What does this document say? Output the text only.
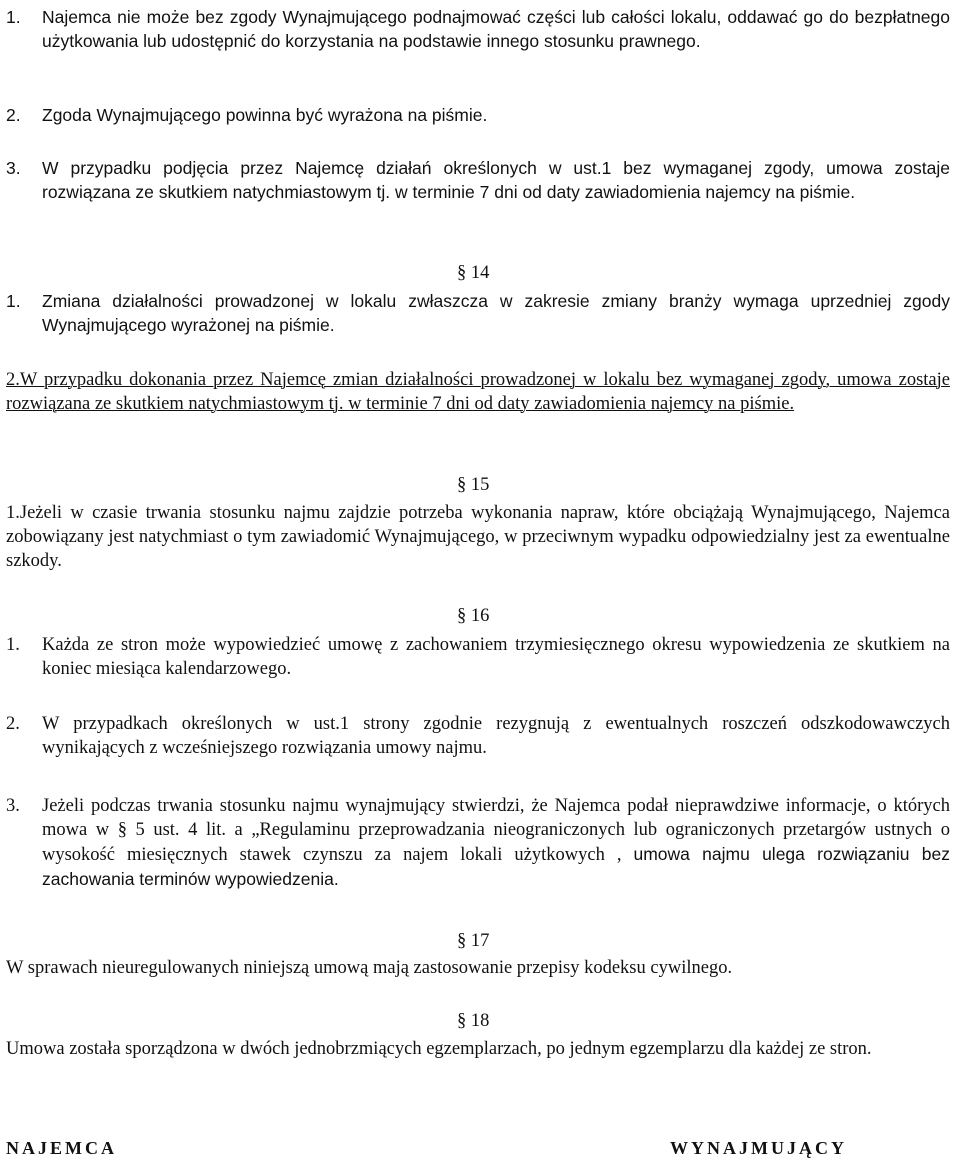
1. Najemca nie może bez zgody Wynajmującego podnajmować części lub całości lokalu, oddawać go do bezpłatnego użytkowania lub udostępnić do korzystania na podstawie innego stosunku prawnego.
2. Zgoda Wynajmującego powinna być wyrażona na piśmie.
3. W przypadku podjęcia przez Najemcę działań określonych w ust.1 bez wymaganej zgody, umowa zostaje rozwiązana ze skutkiem natychmiastowym tj. w terminie 7 dni od daty zawiadomienia najemcy na piśmie.
§ 14
1. Zmiana działalności prowadzonej w lokalu zwłaszcza w zakresie zmiany branży wymaga uprzedniej zgody Wynajmującego wyrażonej na piśmie.
2.W przypadku dokonania przez Najemcę zmian działalności prowadzonej w lokalu bez wymaganej zgody, umowa zostaje rozwiązana ze skutkiem natychmiastowym tj. w terminie 7 dni od daty zawiadomienia najemcy na piśmie.
§ 15
1.Jeżeli w czasie trwania stosunku najmu zajdzie potrzeba wykonania napraw, które obciążają Wynajmującego, Najemca zobowiązany jest natychmiast o tym zawiadomić Wynajmującego, w przeciwnym wypadku odpowiedzialny jest za ewentualne szkody.
§ 16
1. Każda ze stron może wypowiedzieć umowę z zachowaniem trzymiesięcznego okresu wypowiedzenia ze skutkiem na koniec miesiąca kalendarzowego.
2. W przypadkach określonych w ust.1 strony zgodnie rezygnują z ewentualnych roszczeń odszkodowawczych wynikających z wcześniejszego rozwiązania umowy najmu.
3. Jeżeli podczas trwania stosunku najmu wynajmujący stwierdzi, że Najemca podał nieprawdziwe informacje, o których mowa w § 5 ust. 4 lit. a „Regulaminu przeprowadzania nieograniczonych lub ograniczonych przetargów ustnych o wysokość miesięcznych stawek czynszu za najem lokali użytkowych , umowa najmu ulega rozwiązaniu bez zachowania terminów wypowiedzenia.
§ 17
W sprawach nieuregulowanych niniejszą umową mają zastosowanie przepisy kodeksu cywilnego.
§ 18
Umowa została sporządzona w dwóch jednobrzmiących egzemplarzach, po jednym egzemplarzu dla każdej ze stron.
NAJEMCA	WYNAJMUJĄCY
